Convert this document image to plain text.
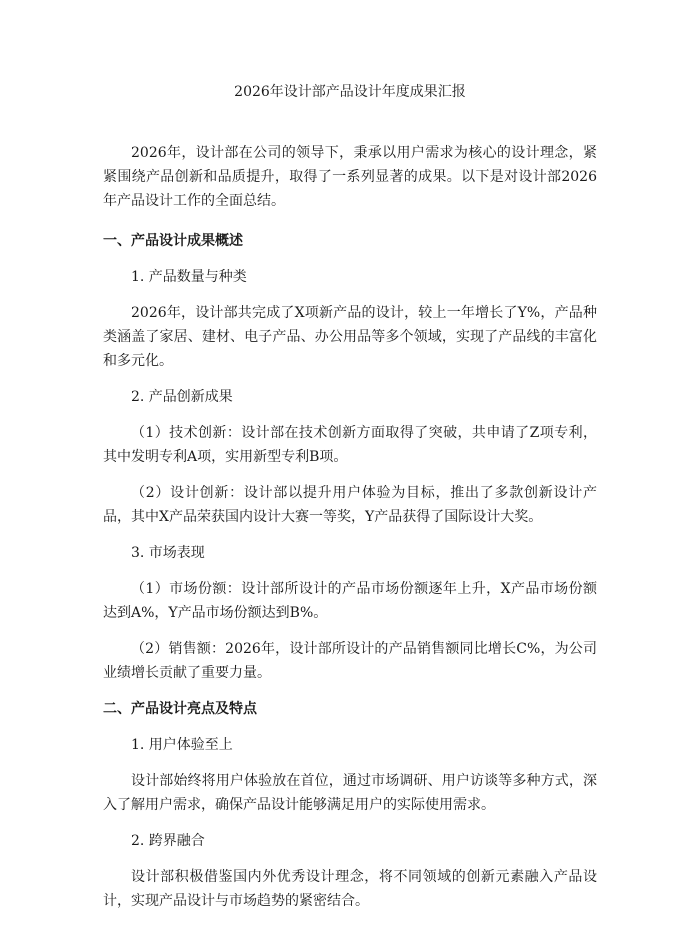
2026年设计部产品设计年度成果汇报

2026年，设计部在公司的领导下，秉承以用户需求为核心的设计理念，紧紧围绕产品创新和品质提升，取得了一系列显著的成果。以下是对设计部2026年产品设计工作的全面总结。

一、产品设计成果概述

1. 产品数量与种类

2026年，设计部共完成了X项新产品的设计，较上一年增长了Y%，产品种类涵盖了家居、建材、电子产品、办公用品等多个领域，实现了产品线的丰富化和多元化。

2. 产品创新成果

（1）技术创新：设计部在技术创新方面取得了突破，共申请了Z项专利，其中发明专利A项，实用新型专利B项。

（2）设计创新：设计部以提升用户体验为目标，推出了多款创新设计产品，其中X产品荣获国内设计大赛一等奖，Y产品获得了国际设计大奖。

3. 市场表现

（1）市场份额：设计部所设计的产品市场份额逐年上升，X产品市场份额达到A%，Y产品市场份额达到B%。

（2）销售额：2026年，设计部所设计的产品销售额同比增长C%，为公司业绩增长贡献了重要力量。

二、产品设计亮点及特点

1. 用户体验至上

设计部始终将用户体验放在首位，通过市场调研、用户访谈等多种方式，深入了解用户需求，确保产品设计能够满足用户的实际使用需求。

2. 跨界融合

设计部积极借鉴国内外优秀设计理念，将不同领域的创新元素融入产品设计，实现产品设计与市场趋势的紧密结合。
